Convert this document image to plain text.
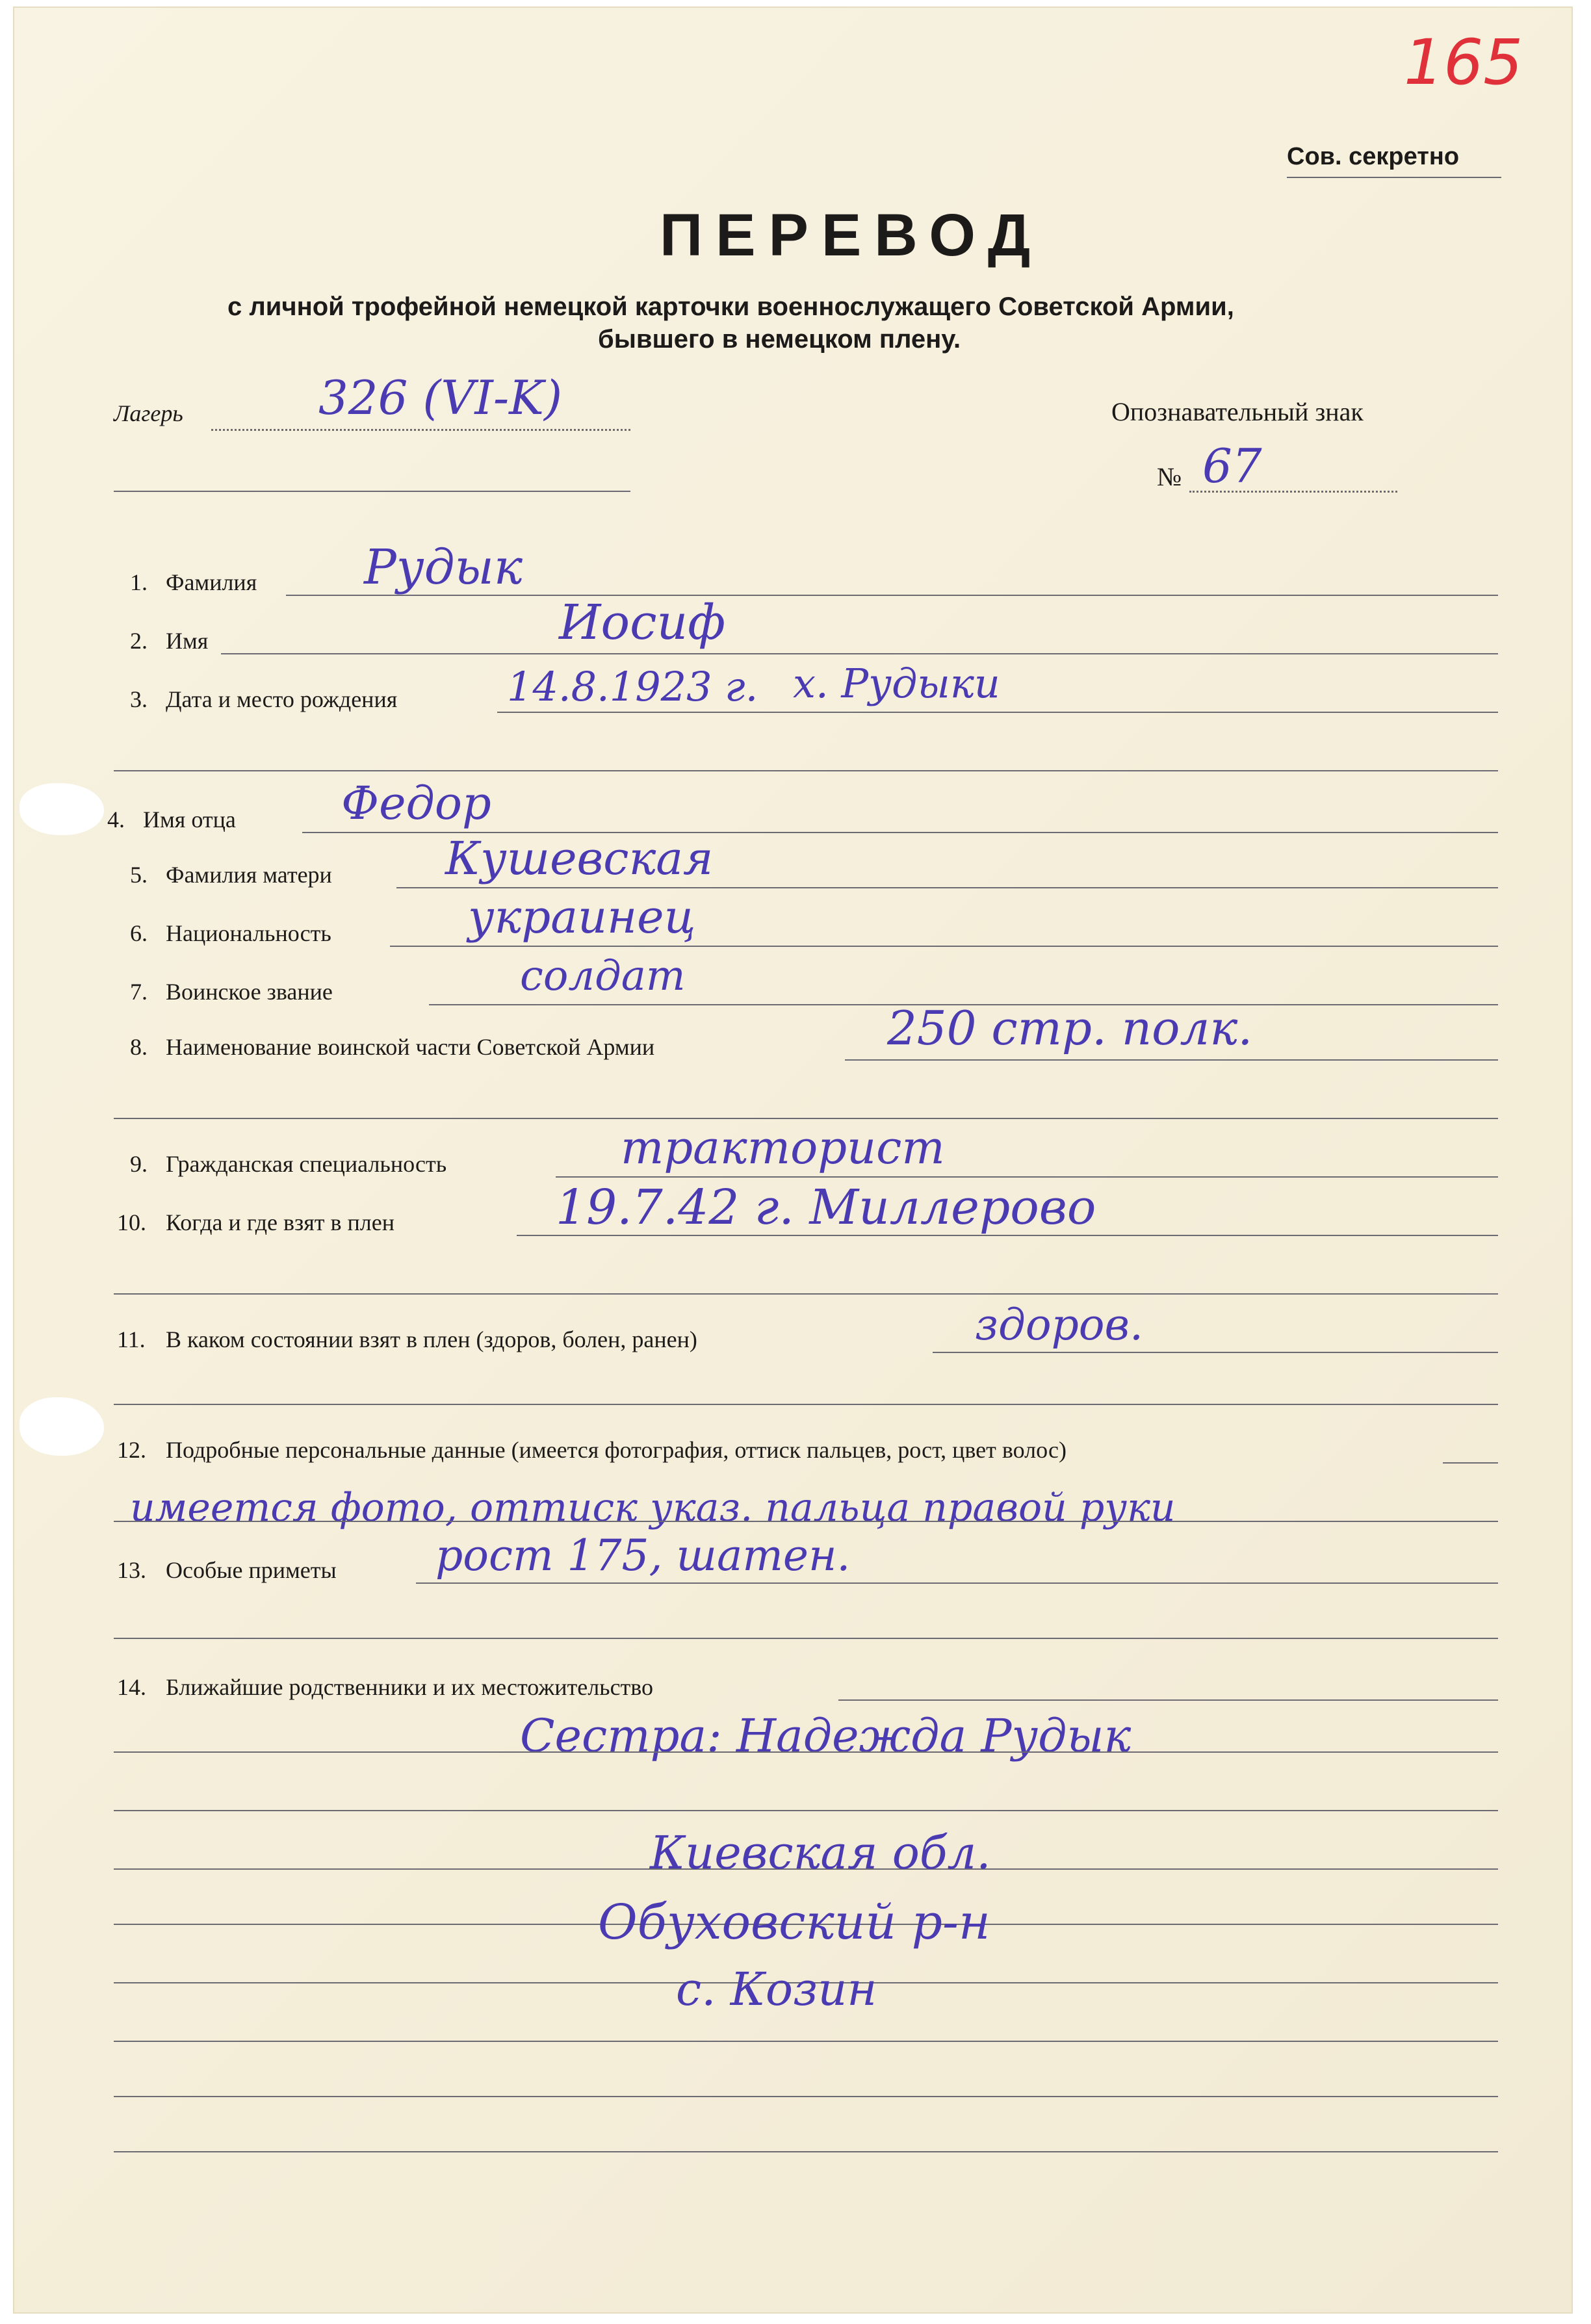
165
Сов. секретно
ПЕРЕВОД
с личной трофейной немецкой карточки военнослужащего Советской Армии,
бывшего в немецком плену.
Лагерь	326 (VI-K)	Опознавательный знак
№ 67
1. Фамилия Рудык
2. Имя	Иосиф
3. Дата и место рождения	14.8.1923 г. х. Рудыки
4. Имя отца Федор
5. Фамилия матери Кушевская
6. Национальность	украинец
7. Воинское звание	солдат
8. Наименование воинской части Советской Армии	250 стр. полк.
9. Гражданская специальность	тракторист
10. Когда и где взят в плен	19.7.42 г. Миллерово
11. В каком состоянии взят в плен (здоров, болен, ранен)	здоров.
12. Подробные персональные данные (имеется фотография, оттиск пальцев, рост, цвет волос)
имеется фото, оттиск указ. пальца правой руки
13. Особые приметы рост 175, шатен.
14. Ближайшие родственники и их местожительство
Сестра: Надежда Рудык
Киевская обл.
Обуховский р-н
с. Козин
